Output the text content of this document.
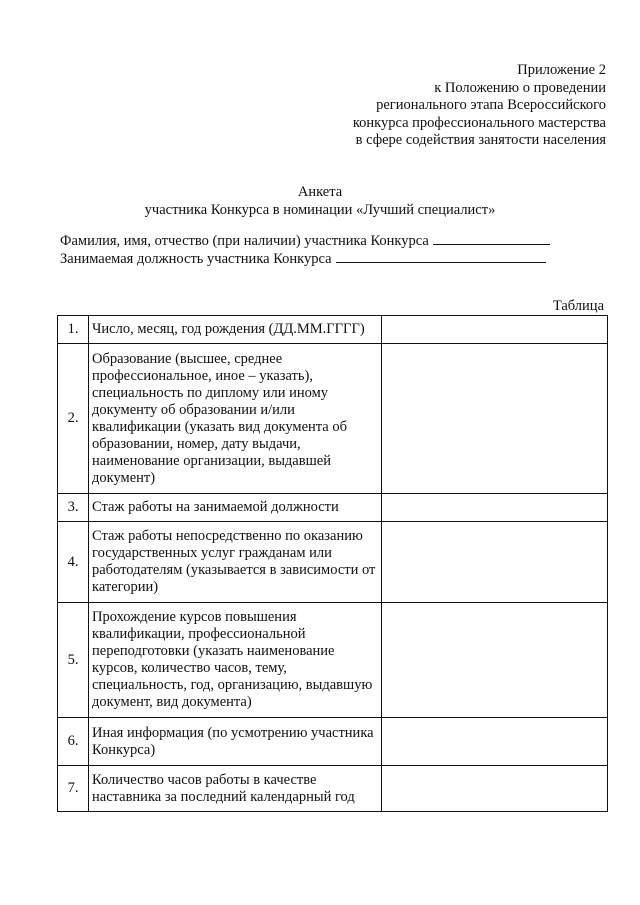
Приложение 2
к Положению о проведении
регионального этапа Всероссийского
конкурса профессионального мастерства
в сфере содействия занятости населения
Анкета
участника Конкурса в номинации «Лучший специалист»
Фамилия, имя, отчество (при наличии) участника Конкурса
Занимаемая должность участника Конкурса
Таблица
1.	Число, месяц, год рождения (ДД.ММ.ГГГГ)	
2.	Образование (высшее, среднее профессиональное, иное – указать), специальность по диплому или иному документу об образовании и/или квалификации (указать вид документа об образовании, номер, дату выдачи, наименование организации, выдавшей документ)	
3.	Стаж работы на занимаемой должности	
4.	Стаж работы непосредственно по оказанию государственных услуг гражданам или работодателям (указывается в зависимости от категории)	
5.	Прохождение курсов повышения квалификации, профессиональной переподготовки (указать наименование курсов, количество часов, тему, специальность, год, организацию, выдавшую документ, вид документа)	
6.	Иная информация (по усмотрению участника Конкурса)	
7.	Количество часов работы в качестве наставника за последний календарный год	
